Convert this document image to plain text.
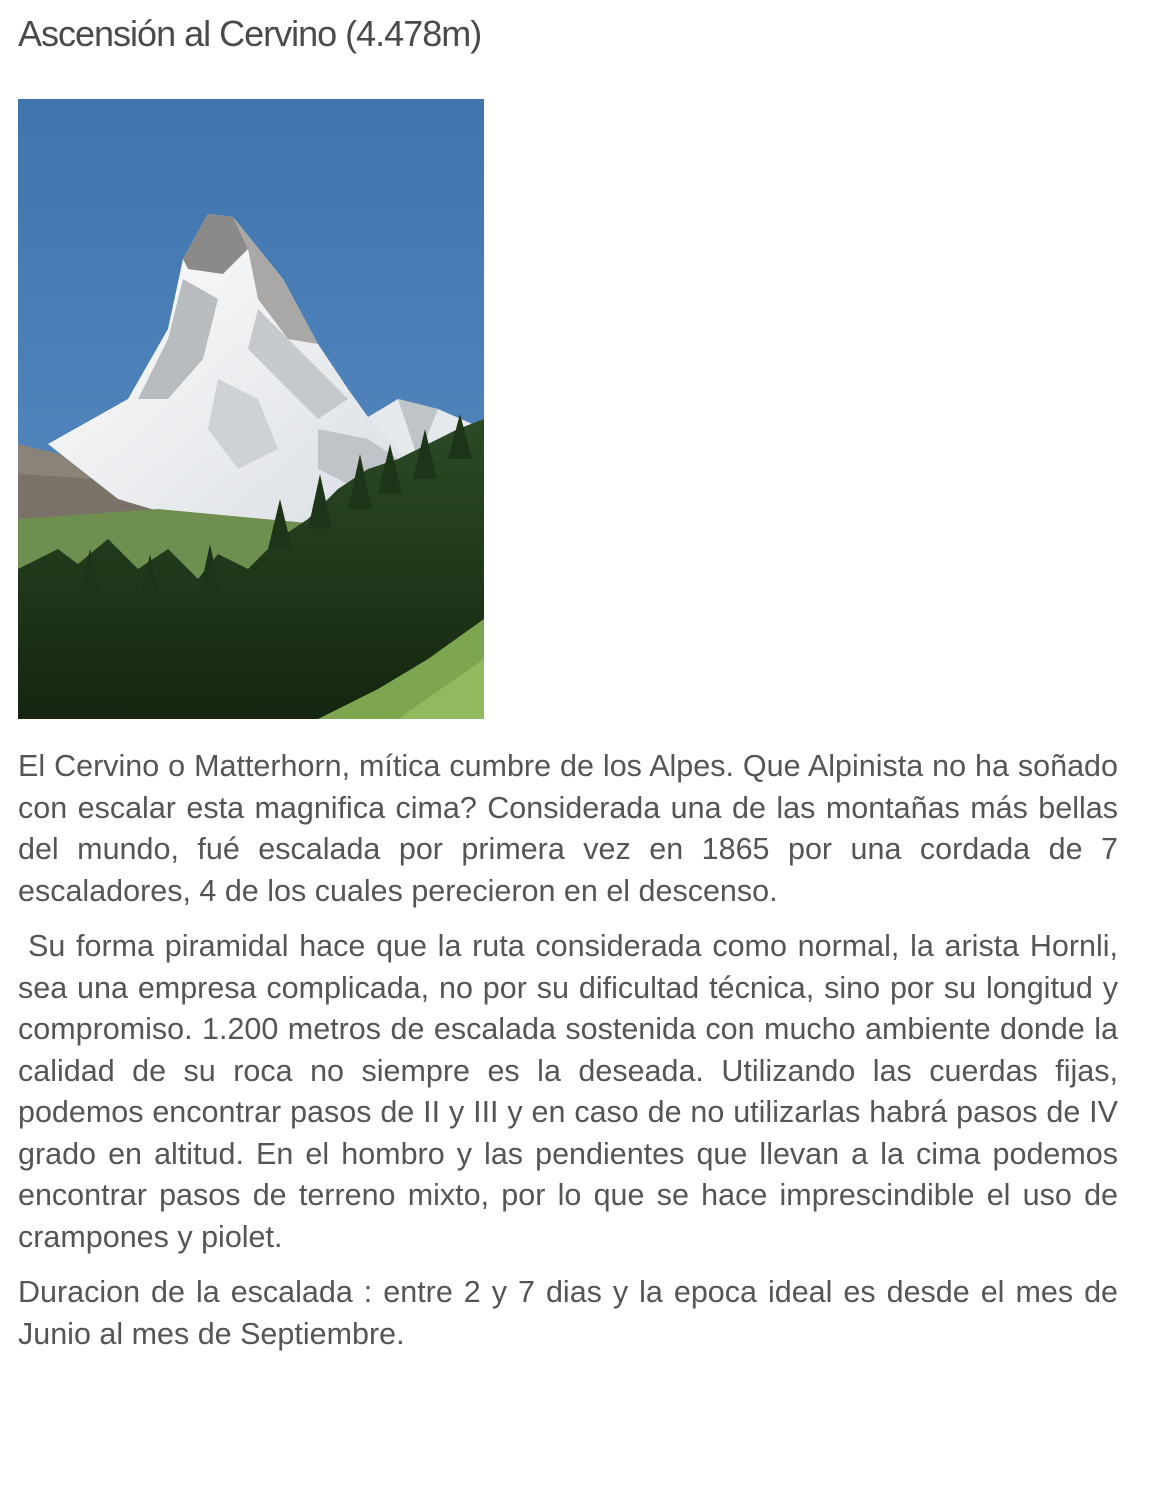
Ascensión al Cervino (4.478m)

El Cervino o Matterhorn, mítica cumbre de los Alpes. Que Alpinista no ha soñado con escalar esta magnifica cima? Considerada una de las montañas más bellas del mundo, fué escalada por primera vez en 1865 por una cordada de 7 escaladores, 4 de los cuales perecieron en el descenso.

Su forma piramidal hace que la ruta considerada como normal, la arista Hornli, sea una empresa complicada, no por su dificultad técnica, sino por su longitud y compromiso. 1.200 metros de escalada sostenida con mucho ambiente donde la calidad de su roca no siempre es la deseada. Utilizando las cuerdas fijas, podemos encontrar pasos de II y III y en caso de no utilizarlas habrá pasos de IV grado en altitud. En el hombro y las pendientes que llevan a la cima podemos encontrar pasos de terreno mixto, por lo que se hace imprescindible el uso de crampones y piolet.

Duracion de la escalada : entre 2 y 7 dias y la epoca ideal es desde el mes de Junio al mes de Septiembre.
